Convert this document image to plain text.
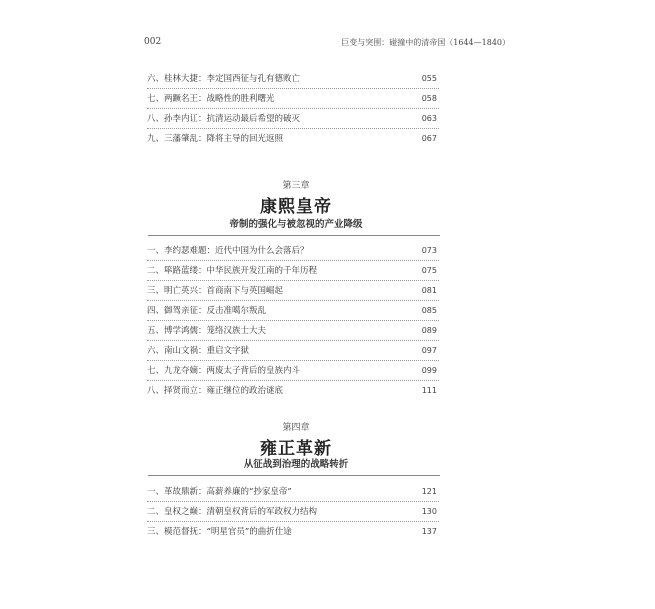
002	巨变与突围：碰撞中的清帝国（1644—1840）
六、桂林大捷：李定国西征与孔有德败亡	055
七、两蹶名王：战略性的胜利曙光	058
八、孙李内讧：抗清运动最后希望的破灭	063
九、三藩肇乱：降将主导的回光返照	067
第三章
康熙皇帝
帝制的强化与被忽视的产业降级
一、李约瑟难题：近代中国为什么会落后？	073
二、筚路蓝缕：中华民族开发江南的千年历程	075
三、明亡英兴：首商南下与英国崛起	081
四、御驾亲征：反击准噶尔叛乱	085
五、博学鸿儒：笼络汉族士大夫	089
六、南山文祸：重启文字狱	097
七、九龙夺嫡：两废太子背后的皇族内斗	099
八、择贤而立：雍正继位的政治谜底	111
第四章
雍正革新
从征战到治理的战略转折
一、革故鼎新：高薪养廉的“抄家皇帝”	121
二、皇权之巅：清朝皇权背后的军政权力结构	130
三、模范督抚：“明星官员”的曲折仕途	137
